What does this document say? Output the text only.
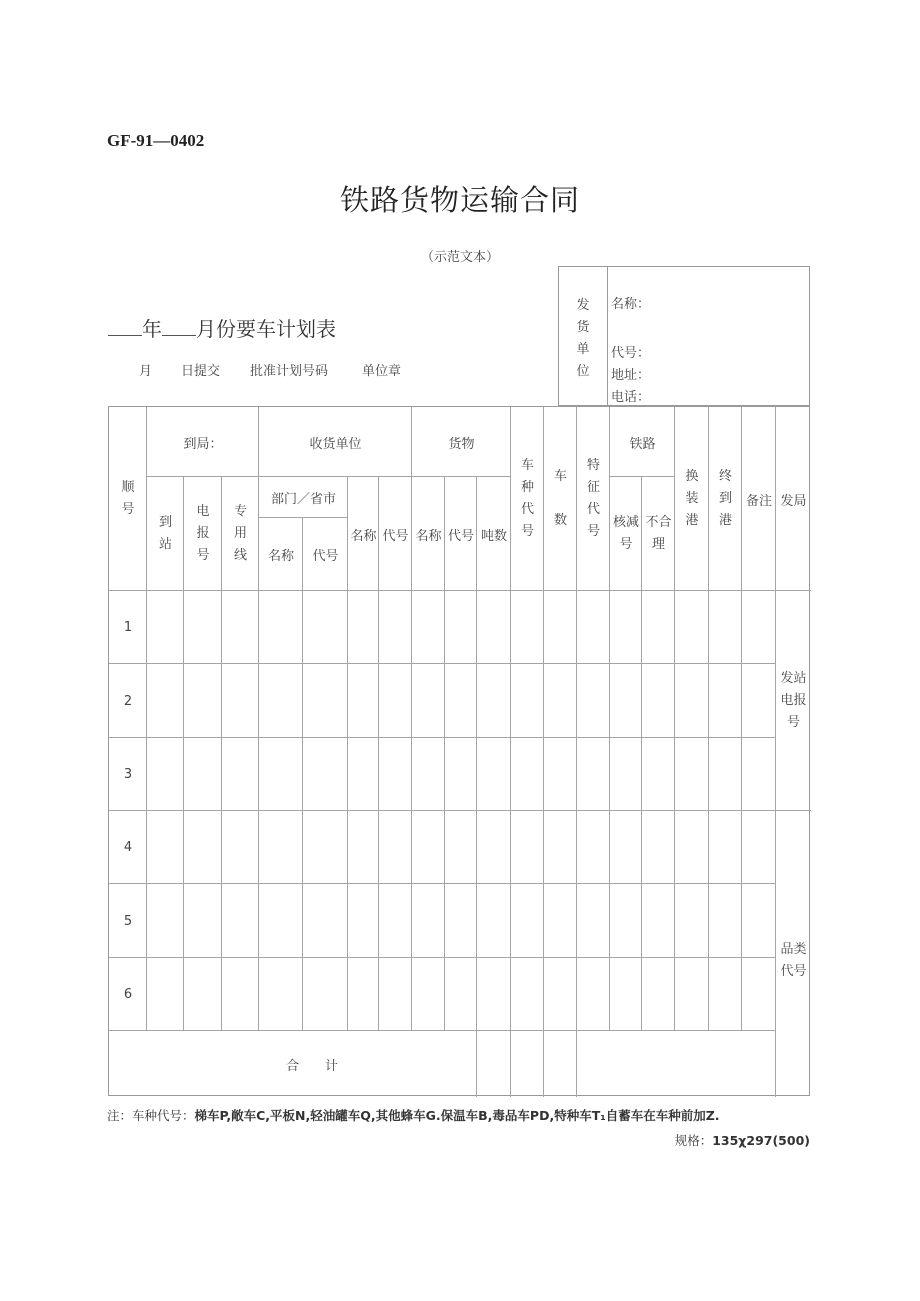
GF-91—0402
铁路货物运输合同
（示范文本）
年 月份要车计划表
月 日提交 批准计划号码	单位章
发
货
单
位
名称：
代号：
地址：
电话：
顺
号
到局：
到
站
电
报
号
专
用
线
收货单位
部门／省市
名称	代号
名称 代号
货物
名称 代号 吨数
车
种
代
号
车

数
特
征
代
号
铁路
核减
号
不合
理
换
装
港
终
到
港
备注 发局
1
2
3
4
5
6
发站
电报
号
品类
代号
合　　计
注：车种代号：梯车P,敞车C,平板N,轻油罐车Q,其他蜂车G.保温车B,毒品车PD,特种车T₁自蓄车在车种前加Z.
规格：135χ297(500)
